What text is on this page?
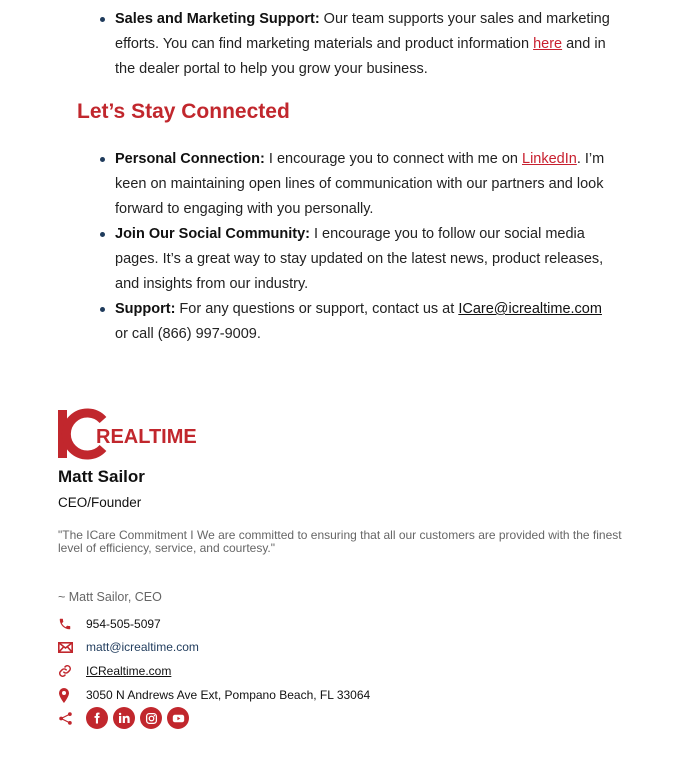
Sales and Marketing Support: Our team supports your sales and marketing efforts. You can find marketing materials and product information here and in the dealer portal to help you grow your business.
Let’s Stay Connected
Personal Connection: I encourage you to connect with me on LinkedIn. I’m keen on maintaining open lines of communication with our partners and look forward to engaging with you personally.
Join Our Social Community: I encourage you to follow our social media pages. It’s a great way to stay updated on the latest news, product releases, and insights from our industry.
Support: For any questions or support, contact us at ICare@icrealtime.com or call (866) 997-9009.
REALTIME
Matt Sailor
CEO/Founder
"The ICare Commitment I We are committed to ensuring that all our customers are provided with the finest level of efficiency, service, and courtesy."
~ Matt Sailor, CEO
954-505-5097
matt@icrealtime.com
ICRealtime.com
3050 N Andrews Ave Ext, Pompano Beach, FL 33064
